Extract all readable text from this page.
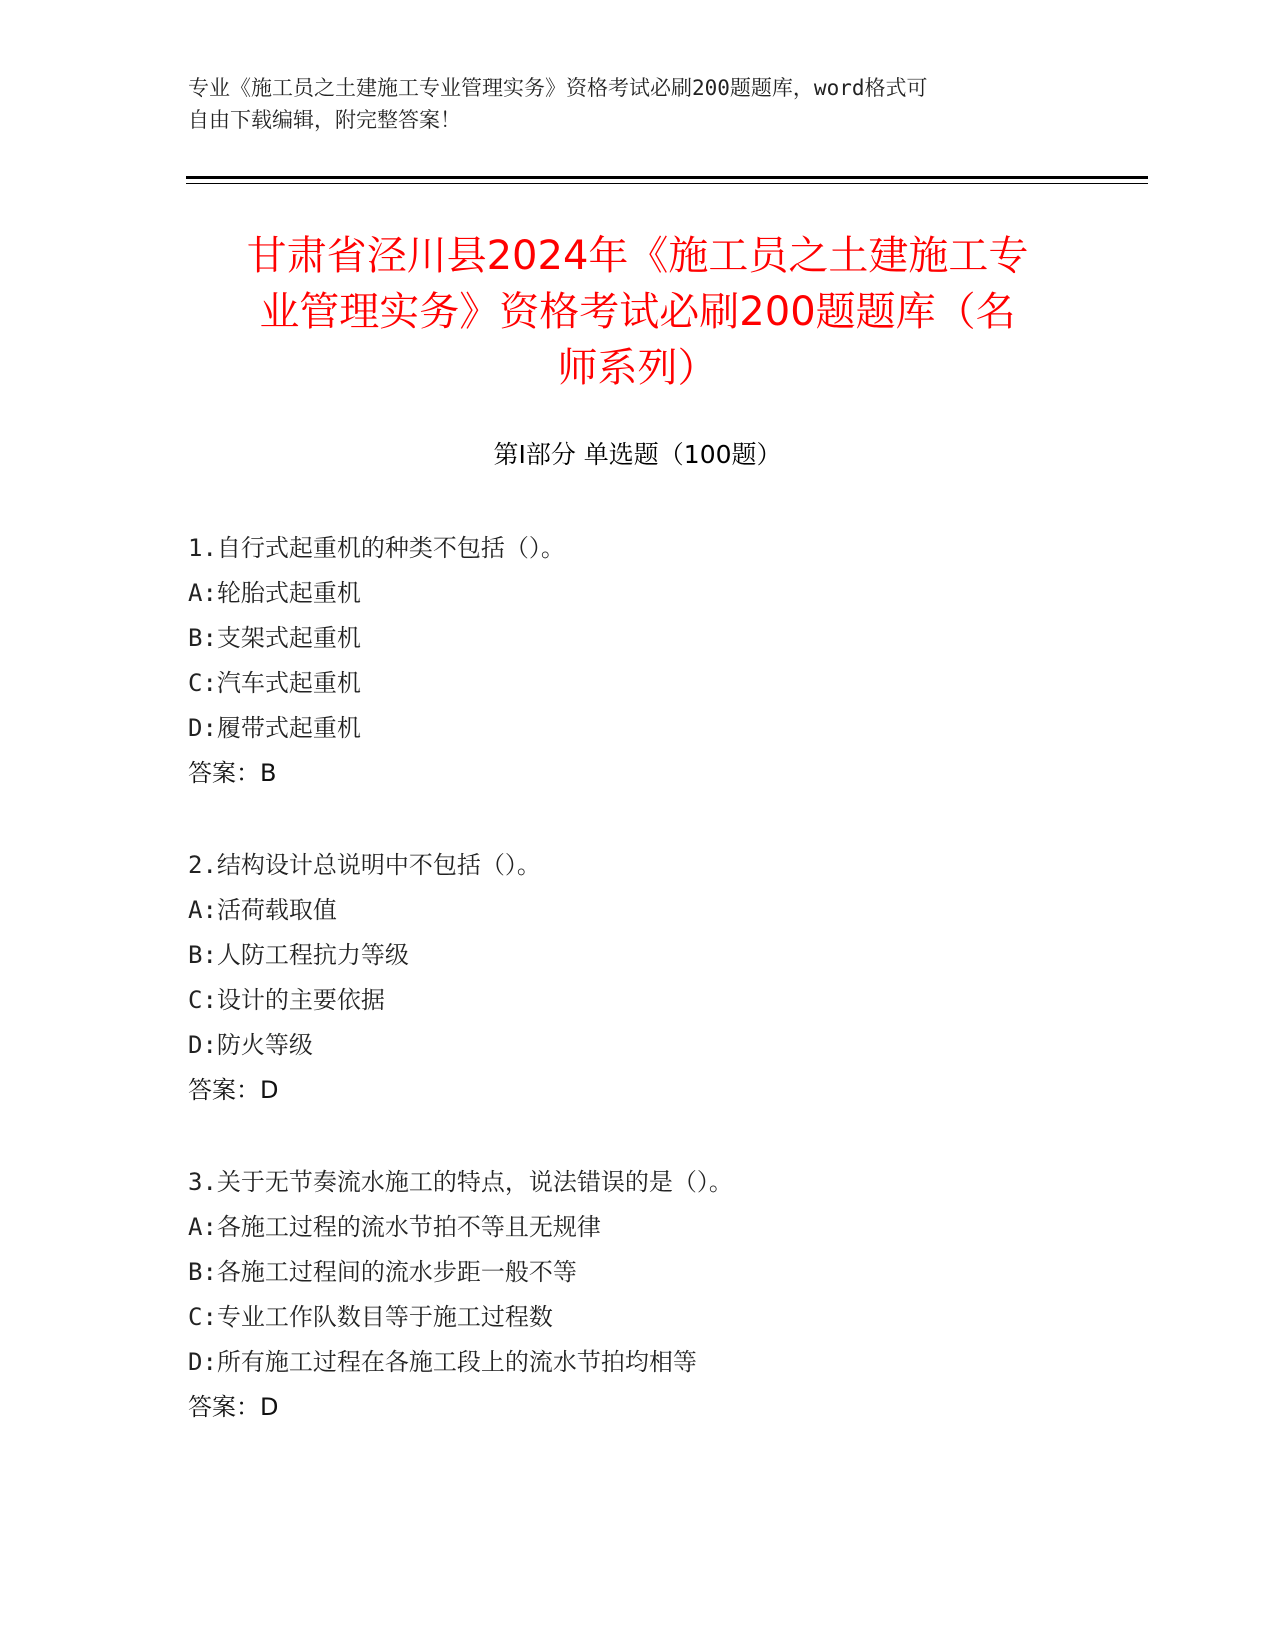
专业《施工员之土建施工专业管理实务》资格考试必刷200题题库，word格式可
自由下载编辑，附完整答案！
甘肃省泾川县2024年《施工员之土建施工专
业管理实务》资格考试必刷200题题库（名
师系列）
第Ⅰ部分 单选题（100题）
1.自行式起重机的种类不包括（）。
A:轮胎式起重机
B:支架式起重机
C:汽车式起重机
D:履带式起重机
答案：B
2.结构设计总说明中不包括（）。
A:活荷载取值
B:人防工程抗力等级
C:设计的主要依据
D:防火等级
答案：D
3.关于无节奏流水施工的特点，说法错误的是（）。
A:各施工过程的流水节拍不等且无规律
B:各施工过程间的流水步距一般不等
C:专业工作队数目等于施工过程数
D:所有施工过程在各施工段上的流水节拍均相等
答案：D
